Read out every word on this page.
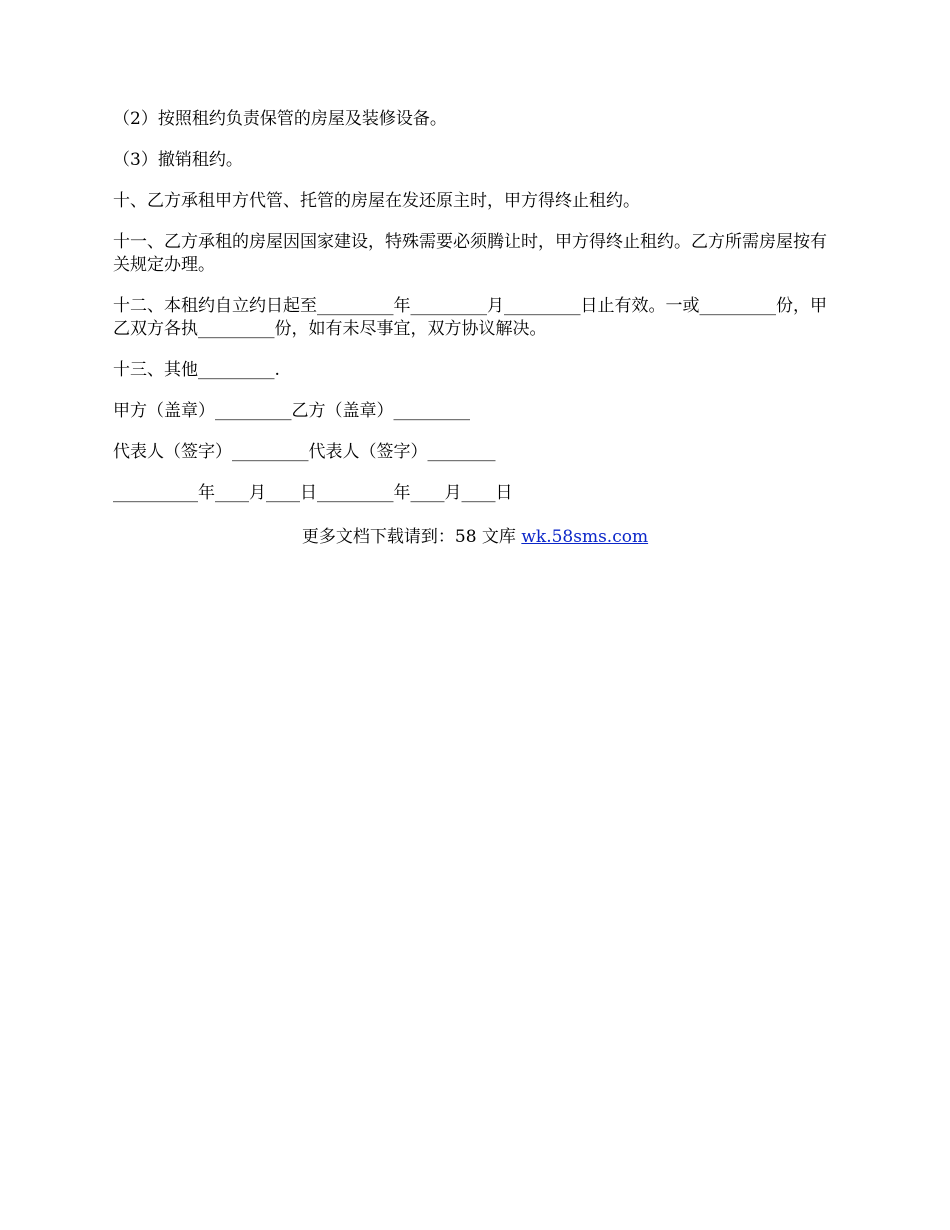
（2）按照租约负责保管的房屋及装修设备。

（3）撤销租约。

十、乙方承租甲方代管、托管的房屋在发还原主时，甲方得终止租约。

十一、乙方承租的房屋因国家建设，特殊需要必须腾让时，甲方得终止租约。乙方所需房屋按有关规定办理。

十二、本租约自立约日起至_________年_________月_________日止有效。一或_________份，甲乙双方各执_________份，如有未尽事宜，双方协议解决。

十三、其他_________.

甲方（盖章）_________乙方（盖章）_________

代表人（签字）_________代表人（签字）________

__________年____月____日_________年____月____日

更多文档下载请到：58 文库 wk.58sms.com
